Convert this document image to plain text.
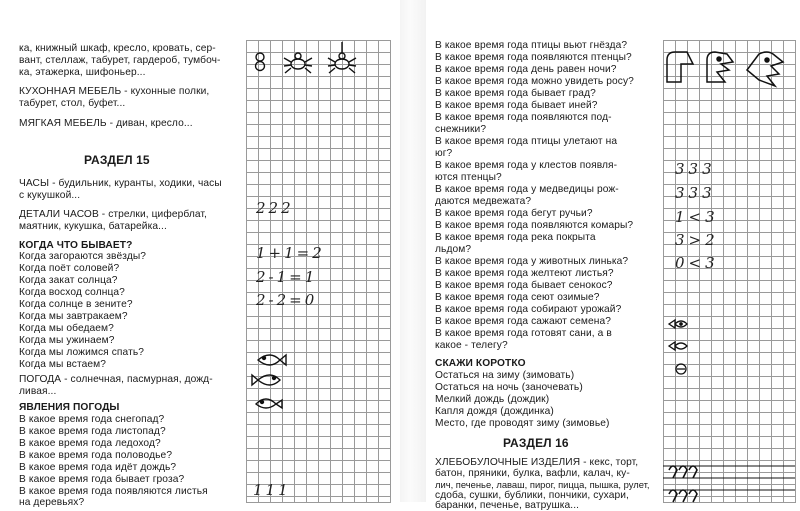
ка, книжный шкаф, кресло, кровать, сер-
вант, стеллаж, табурет, гардероб, тумбоч-
ка, этажерка, шифоньер...
КУХОННАЯ МЕБЕЛЬ - кухонные полки,
табурет, стол, буфет...
МЯГКАЯ МЕБЕЛЬ - диван, кресло...
РАЗДЕЛ 15
ЧАСЫ - будильник, куранты, ходики, часы
с кукушкой...
ДЕТАЛИ ЧАСОВ - стрелки, циферблат,
маятник, кукушка, батарейка...
КОГДА ЧТО БЫВАЕТ?
Когда загораются звёзды?
Когда поёт соловей?
Когда закат солнца?
Когда восход солнца?
Когда солнце в зените?
Когда мы завтракаем?
Когда мы обедаем?
Когда мы ужинаем?
Когда мы ложимся спать?
Когда мы встаем?
ПОГОДА - солнечная, пасмурная, дожд-
ливая...
ЯВЛЕНИЯ ПОГОДЫ
В какое время года снегопад?
В какое время года листопад?
В какое время года ледоход?
В какое время года половодье?
В какое время года идёт дождь?
В какое время года бывает гроза?
В какое время года появляются листья
на деревьях?
222
1+1=2
2-1=1
2-2=0
111
В какое время года птицы вьют гнёзда?
В какое время года появляются птенцы?
В какое время года день равен ночи?
В какое время года можно увидеть росу?
В какое время года бывает град?
В какое время года бывает иней?
В какое время года появляются под-
снежники?
В какое время года птицы улетают на
юг?
В какое время года у клестов появля-
ются птенцы?
В какое время года у медведицы рож-
даются медвежата?
В какое время года бегут ручьи?
В какое время года появляются комары?
В какое время года река покрыта
льдом?
В какое время года у животных линька?
В какое время года желтеют листья?
В какое время года бывает сенокос?
В какое время года сеют озимые?
В какое время года собирают урожай?
В какое время года сажают семена?
В какое время года готовят сани, а в
какое - телегу?
СКАЖИ КОРОТКО
Остаться на зиму (зимовать)
Остаться на ночь (заночевать)
Мелкий дождь (дождик)
Капля дождя (дождинка)
Место, где проводят зиму (зимовье)
РАЗДЕЛ 16
ХЛЕБОБУЛОЧНЫЕ ИЗДЕЛИЯ - кекс, торт,
батон, пряники, булка, вафли, калач, ку-
лич, печенье, лаваш, пирог, пицца, пышка, рулет,
сдоба, сушки, бублики, пончики, сухари,
баранки, печенье, ватрушка...
333
333
1<3
3>2
0<3
